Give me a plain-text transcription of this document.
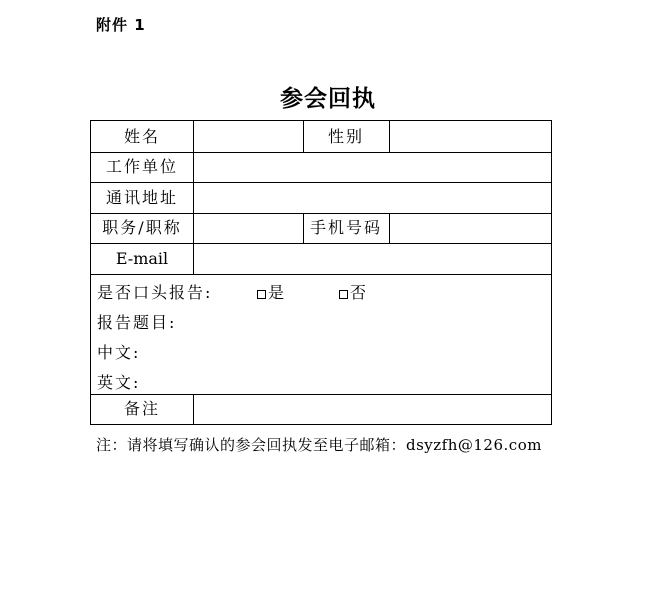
附件 1
参会回执
姓名	性别
工作单位
通讯地址
职务/职称	手机号码
E-mail
是否口头报告:	是	否
报告题目:
中文:
英文:
备注
注：请将填写确认的参会回执发至电子邮箱：dsyzfh@126.com
